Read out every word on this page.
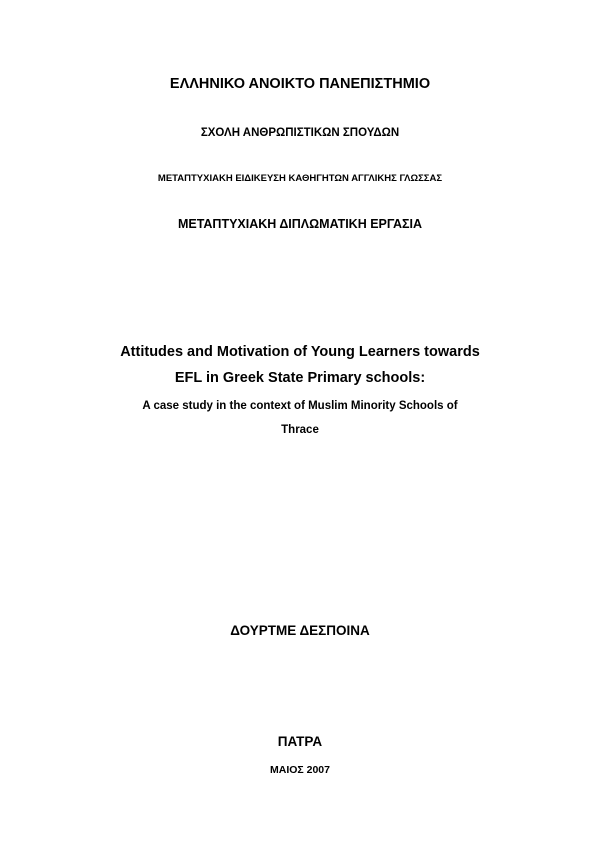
ΕΛΛΗΝΙΚΟ ΑΝΟΙΚΤΟ ΠΑΝΕΠΙΣΤΗΜΙΟ
ΣΧΟΛΗ ΑΝΘΡΩΠΙΣΤΙΚΩΝ ΣΠΟΥΔΩΝ
ΜΕΤΑΠΤΥΧΙΑΚΗ ΕΙΔΙΚΕΥΣΗ ΚΑΘΗΓΗΤΩΝ ΑΓΓΛΙΚΗΣ ΓΛΩΣΣΑΣ
ΜΕΤΑΠΤΥΧΙΑΚΗ ΔΙΠΛΩΜΑΤΙΚΗ ΕΡΓΑΣΙΑ
Attitudes and Motivation of Young Learners towards
EFL in Greek State Primary schools:
A case study in the context of Muslim Minority Schools of
Thrace
ΔΟΥΡΤΜΕ ΔΕΣΠΟΙΝΑ
ΠΑΤΡΑ
ΜΑΙΟΣ 2007
